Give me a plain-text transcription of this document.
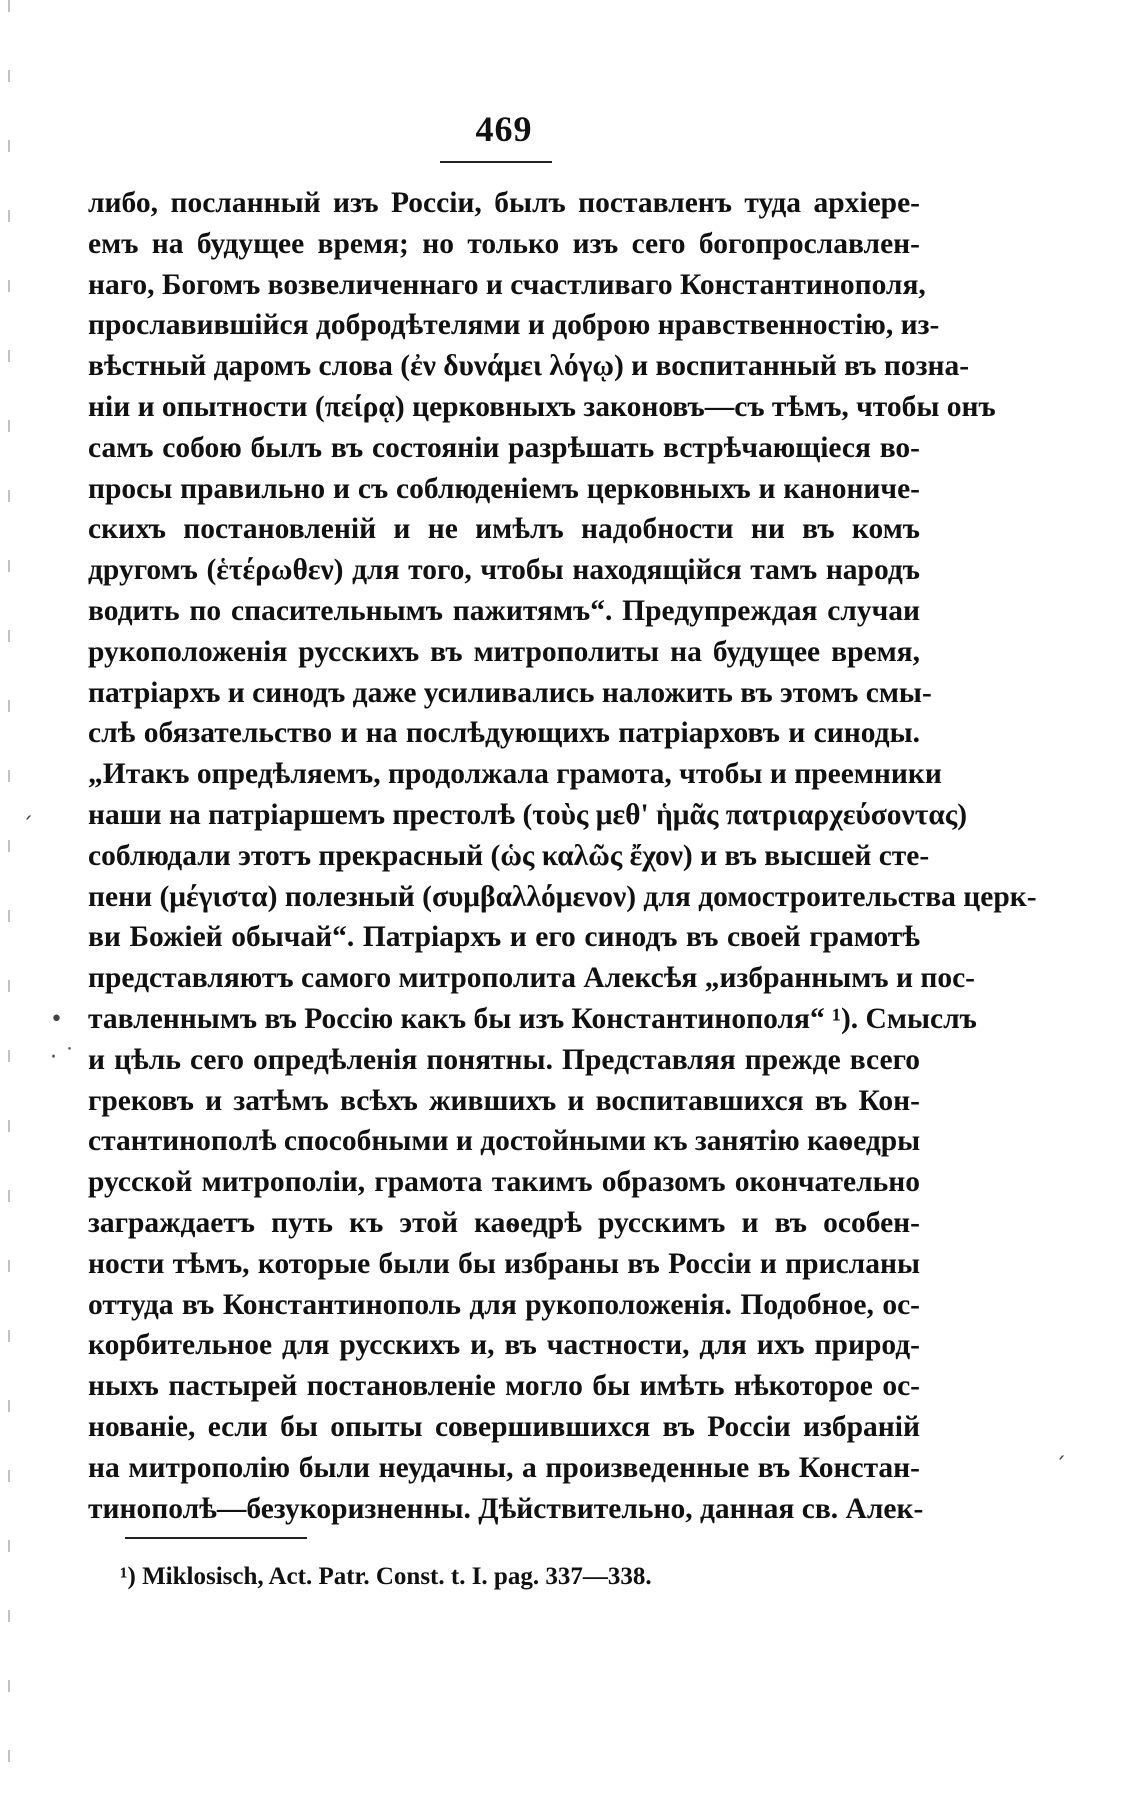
469
либо, посланный изъ Россіи, былъ поставленъ туда архіере-
емъ на будущее время; но только изъ сего богопрославлен-
наго, Богомъ возвеличеннаго и счастливаго Константинополя,
прославившійся добродѣтелями и доброю нравственностію, из-
вѣстный даромъ слова (ἐν δυνάμει λόγῳ) и воспитанный въ позна-
ніи и опытности (πείρᾳ) церковныхъ законовъ—съ тѣмъ, чтобы онъ
самъ собою былъ въ состояніи разрѣшать встрѣчающіеся во-
просы правильно и съ соблюденіемъ церковныхъ и канониче-
скихъ постановленій и не имѣлъ надобности ни въ комъ
другомъ (ἑτέρωθεν) для того, чтобы находящійся тамъ народъ
водить по спасительнымъ пажитямъ“. Предупреждая случаи
рукоположенія русскихъ въ митрополиты на будущее время,
патріархъ и синодъ даже усиливались наложить въ этомъ смы-
слѣ обязательство и на послѣдующихъ патріарховъ и синоды.
„Итакъ опредѣляемъ, продолжала грамота, чтобы и преемники
наши на патріаршемъ престолѣ (τοὺς μεθ' ἡμᾶς πατριαρχεύσοντας)
соблюдали этотъ прекрасный (ὡς καλῶς ἔχον) и въ высшей сте-
пени (μέγιστα) полезный (συμβαλλόμενον) для домостроительства церк-
ви Божіей обычай“. Патріархъ и его синодъ въ своей грамотѣ
представляютъ самого митрополита Алексѣя „избраннымъ и пос-
тавленнымъ въ Россію какъ бы изъ Константинополя“ ¹). Смыслъ
и цѣль сего опредѣленія понятны. Представляя прежде всего
грековъ и затѣмъ всѣхъ жившихъ и воспитавшихся въ Кон-
стантинополѣ способными и достойными къ занятію каѳедры
русской митрополіи, грамота такимъ образомъ окончательно
заграждаетъ путь къ этой каѳедрѣ русскимъ и въ особен-
ности тѣмъ, которые были бы избраны въ Россіи и присланы
оттуда въ Константинополь для рукоположенія. Подобное, ос-
корбительное для русскихъ и, въ частности, для ихъ природ-
ныхъ пастырей постановленіе могло бы имѣть нѣкоторое ос-
нованіе, если бы опыты совершившихся въ Россіи избраній
на митрополію были неудачны, а произведенные въ Констан-
тинополѣ—безукоризненны. Дѣйствительно, данная св. Алек-
¹) Miklosisch, Act. Patr. Const. t. I. pag. 337—338.
•
· ˙
ˏ
ˏ
